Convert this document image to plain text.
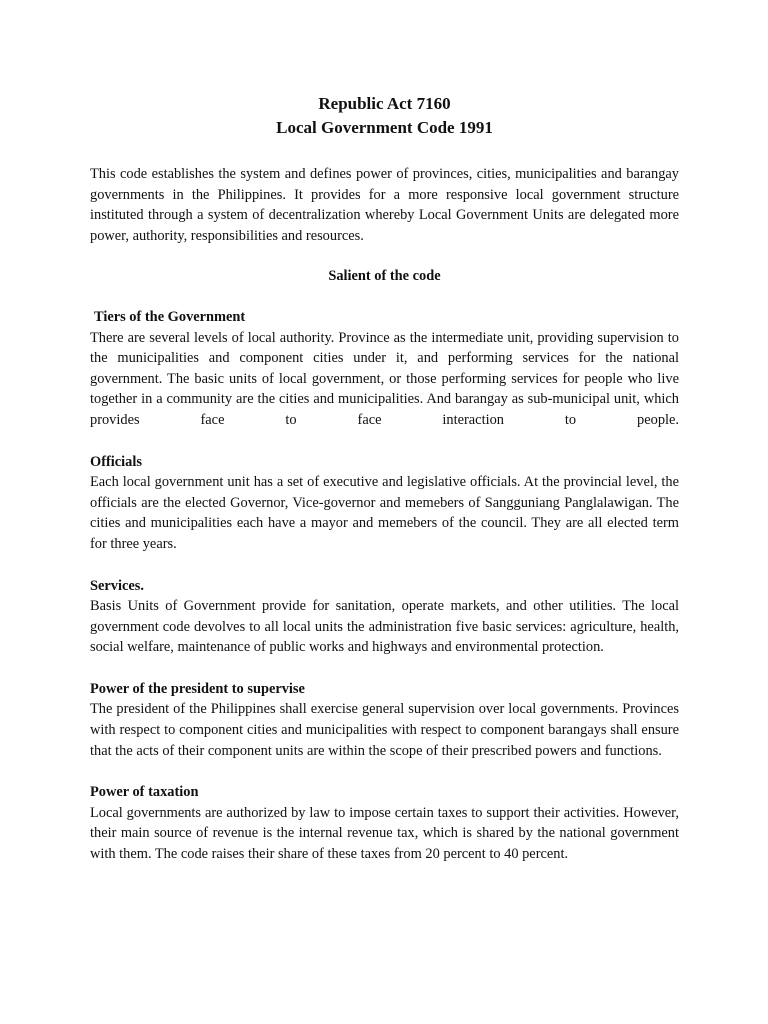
Republic Act 7160
Local Government Code 1991

This code establishes the system and defines power of provinces, cities, municipalities and barangay governments in the Philippines. It provides for a more responsive local government structure instituted through a system of decentralization whereby Local Government Units are delegated more power, authority, responsibilities and resources.

Salient of the code

Tiers of the Government

There are several levels of local authority. Province as the intermediate unit, providing supervision to the municipalities and component cities under it, and performing services for the national government. The basic units of local government, or those performing services for people who live together in a community are the cities and municipalities. And barangay as sub-municipal unit, which provides face to face interaction to people.

Officials

Each local government unit has a set of executive and legislative officials. At the provincial level, the officials are the elected Governor, Vice-governor and memebers of Sangguniang Panglalawigan. The cities and municipalities each have a mayor and memebers of the council. They are all elected term for three years.

Services.

Basis Units of Government provide for sanitation, operate markets, and other utilities. The local government code devolves to all local units the administration five basic services: agriculture, health, social welfare, maintenance of public works and highways and environmental protection.

Power of the president to supervise

The president of the Philippines shall exercise general supervision over local governments. Provinces with respect to component cities and municipalities with respect to component barangays shall ensure that the acts of their component units are within the scope of their prescribed powers and functions.

Power of taxation

Local governments are authorized by law to impose certain taxes to support their activities. However, their main source of revenue is the internal revenue tax, which is shared by the national government with them. The code raises their share of these taxes from 20 percent to 40 percent.
